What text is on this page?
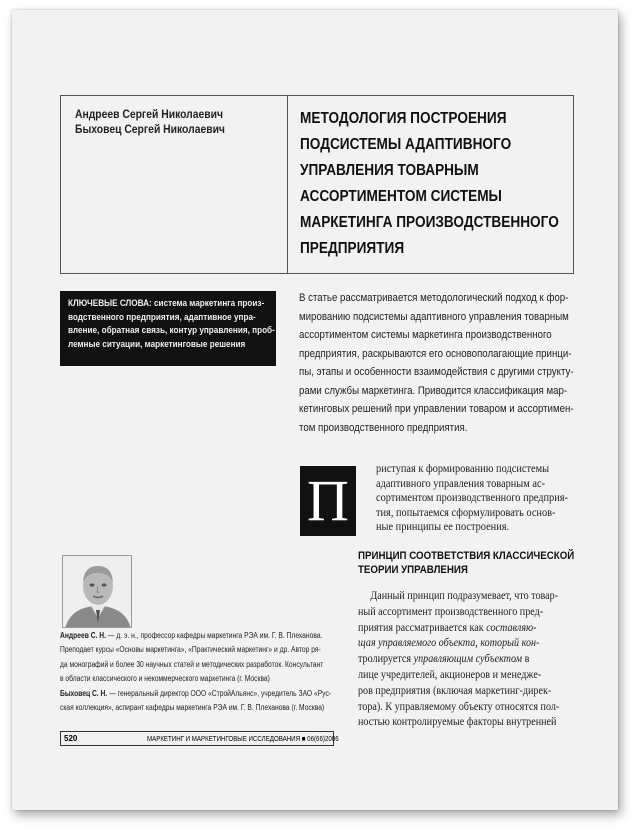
Андреев Сергей Николаевич
Быховец Сергей Николаевич
МЕТОДОЛОГИЯ ПОСТРОЕНИЯ
ПОДСИСТЕМЫ АДАПТИВНОГО
УПРАВЛЕНИЯ ТОВАРНЫМ
АССОРТИМЕНТОМ СИСТЕМЫ
МАРКЕТИНГА ПРОИЗВОДСТВЕННОГО
ПРЕДПРИЯТИЯ
КЛЮЧЕВЫЕ СЛОВА: система маркетинга произ-
водственного предприятия, адаптивное упра-
вление, обратная связь, контур управления, проб-
лемные ситуации, маркетинговые решения
В статье рассматривается методологический подход к фор-
мированию подсистемы адаптивного управления товарным
ассортиментом системы маркетинга производственного
предприятия, раскрываются его основополагающие принци-
пы, этапы и особенности взаимодействия с другими структу-
рами службы маркетинга. Приводится классификация мар-
кетинговых решений при управлении товаром и ассортимен-
том производственного предприятия.
П	риступая к формированию подсистемы
адаптивного управления товарным ас-
сортиментом производственного предприя-
тия, попытаемся сформулировать основ-
ные принципы ее построения.
ПРИНЦИП СООТВЕТСТВИЯ КЛАССИЧЕСКОЙ
ТЕОРИИ УПРАВЛЕНИЯ
Данный принцип подразумевает, что товар-
ный ассортимент производственного пред-
приятия рассматривается как составляю-
щая управляемого объекта, который кон-
тролируется управляющим субъектом в
лице учредителей, акционеров и менеджe-
ров предприятия (включая маркетинг-дирек-
тора). К управляемому объекту относятся пол-
ностью контролируемые факторы внутренней
Андреев С. Н. — д. э. н., профессор кафедры маркетинга РЭА им. Г. В. Плеханова.
Преподает курсы «Основы маркетинга», «Практический маркетинг» и др. Автор ря-
да монографий и более 30 научных статей и методических разработок. Консультант
в области классического и некоммерческого маркетинга (г. Москва)
Быховец С. Н. — генеральный директор ООО «СтройАльянс», учредитель ЗАО «Рус-
ская коллекция», аспирант кафедры маркетинга РЭА им. Г. В. Плеханова (г. Москва)
520	МАРКЕТИНГ И МАРКЕТИНГОВЫЕ ИССЛЕДОВАНИЯ ■ 06(66)2006
